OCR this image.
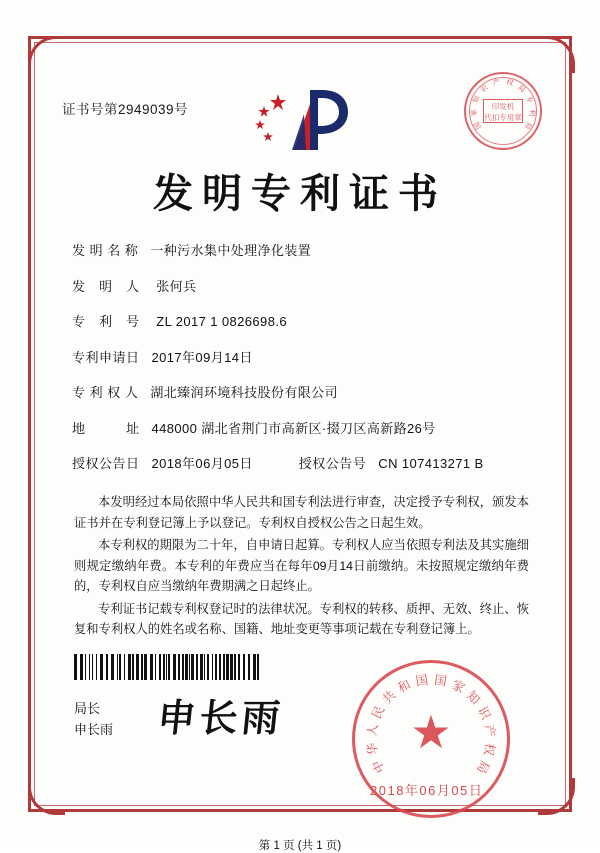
证书号第2949039号
国
家
知
识
产 权
局
专
利
局
印发机
代扣专用章
发明专利证书
发 明 名 称 一种污水集中处理净化装置
发 明 人 张何兵
专 利 号 ZL 2017 1 0826698.6
专利申请日 2017年09月14日
专 利 权 人 湖北臻润环境科技股份有限公司
地　　　址 448000 湖北省荆门市高新区·掇刀区高新路26号
授权公告日 2018年06月05日	授权公告号 CN 107413271 B

本发明经过本局依照中华人民共和国专利法进行审查，决定授予专利权，颁发本证书并在专利登记簿上予以登记。专利权自授权公告之日起生效。

本专利权的期限为二十年，自申请日起算。专利权人应当依照专利法及其实施细则规定缴纳年费。本专利的年费应当在每年09月14日前缴纳。未按照规定缴纳年费的，专利权自应当缴纳年费期满之日起终止。

专利证书记载专利权登记时的法律状况。专利权的转移、质押、无效、终止、恢复和专利权人的姓名或名称、国籍、地址变更等事项记载在专利登记簿上。

局长
申长雨 申长雨
中
华
人
民
共
和 国 国 家
知
识
产
权
局
★
2018年06月05日
第 1 页 (共 1 页)
